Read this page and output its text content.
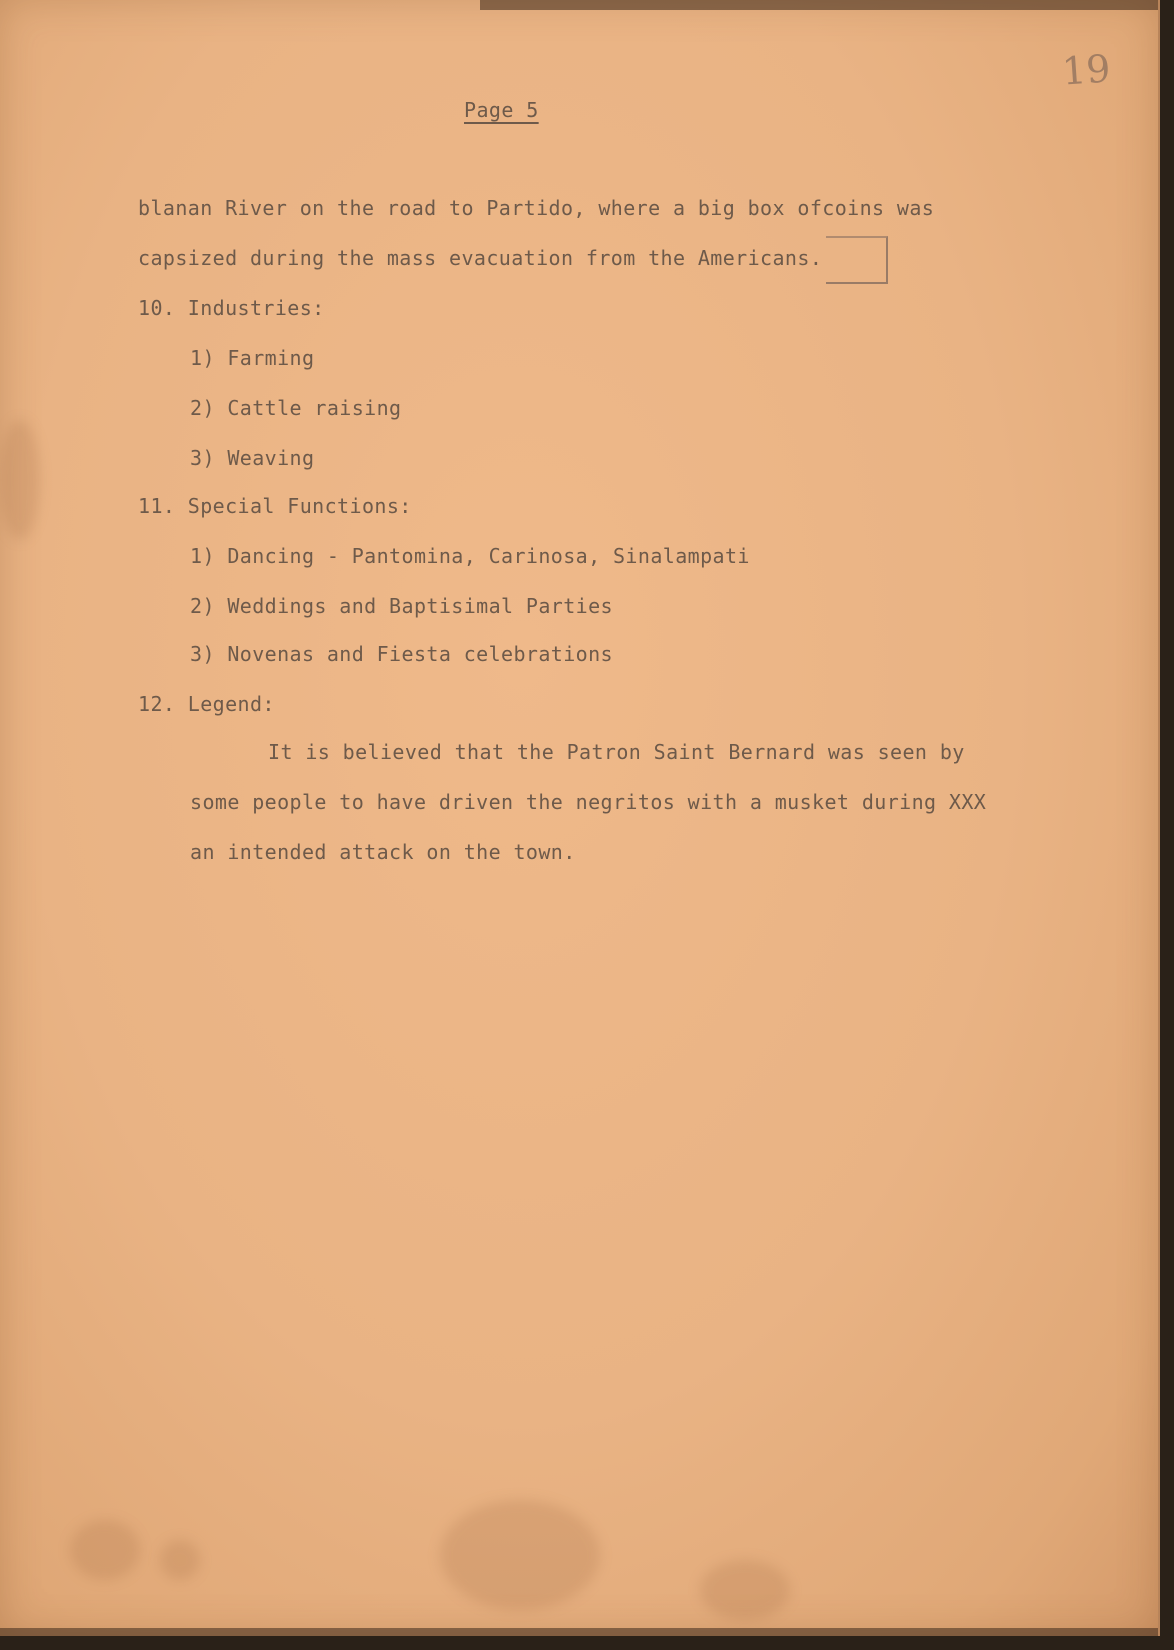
19
Page 5
blanan River on the road to Partido, where a big box ofcoins was
capsized during the mass evacuation from the Americans.
10. Industries:
1) Farming
2) Cattle raising
3) Weaving
11. Special Functions:
1) Dancing - Pantomina, Carinosa, Sinalampati
2) Weddings and Baptisimal Parties
3) Novenas and Fiesta celebrations
12. Legend:
It is believed that the Patron Saint Bernard was seen by
some people to have driven the negritos with a musket during XXX
an intended attack on the town.
